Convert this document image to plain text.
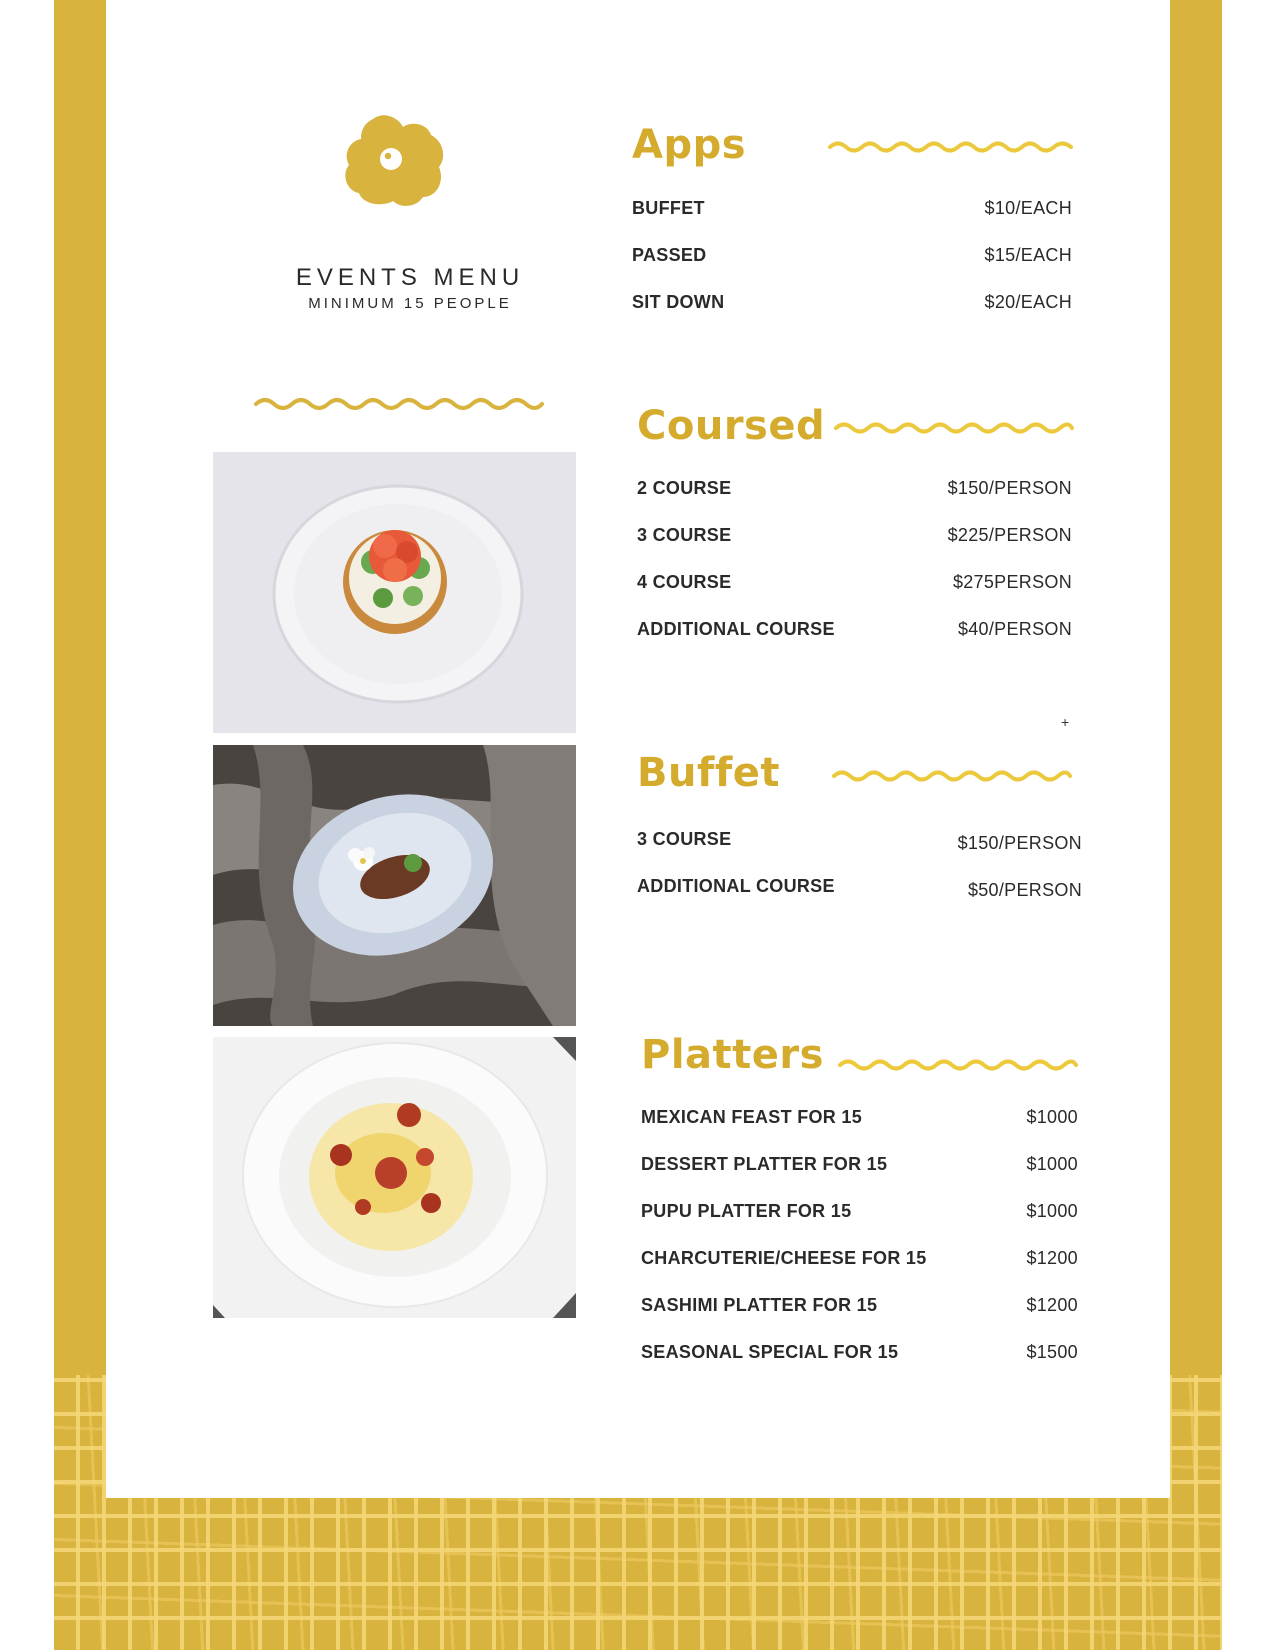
EVENTS MENU
MINIMUM 15 PEOPLE
Apps
BUFFET	$10/EACH
PASSED	$15/EACH
SIT DOWN	$20/EACH
Coursed
2 COURSE	$150/PERSON
3 COURSE	$225/PERSON
4 COURSE	$275PERSON
ADDITIONAL COURSE	$40/PERSON
+
Buffet
3 COURSE	$150/PERSON
ADDITIONAL COURSE	$50/PERSON
Platters
MEXICAN FEAST FOR 15	$1000
DESSERT PLATTER FOR 15	$1000
PUPU PLATTER FOR 15	$1000
CHARCUTERIE/CHEESE FOR 15	$1200
SASHIMI PLATTER FOR 15	$1200
SEASONAL SPECIAL FOR 15	$1500
